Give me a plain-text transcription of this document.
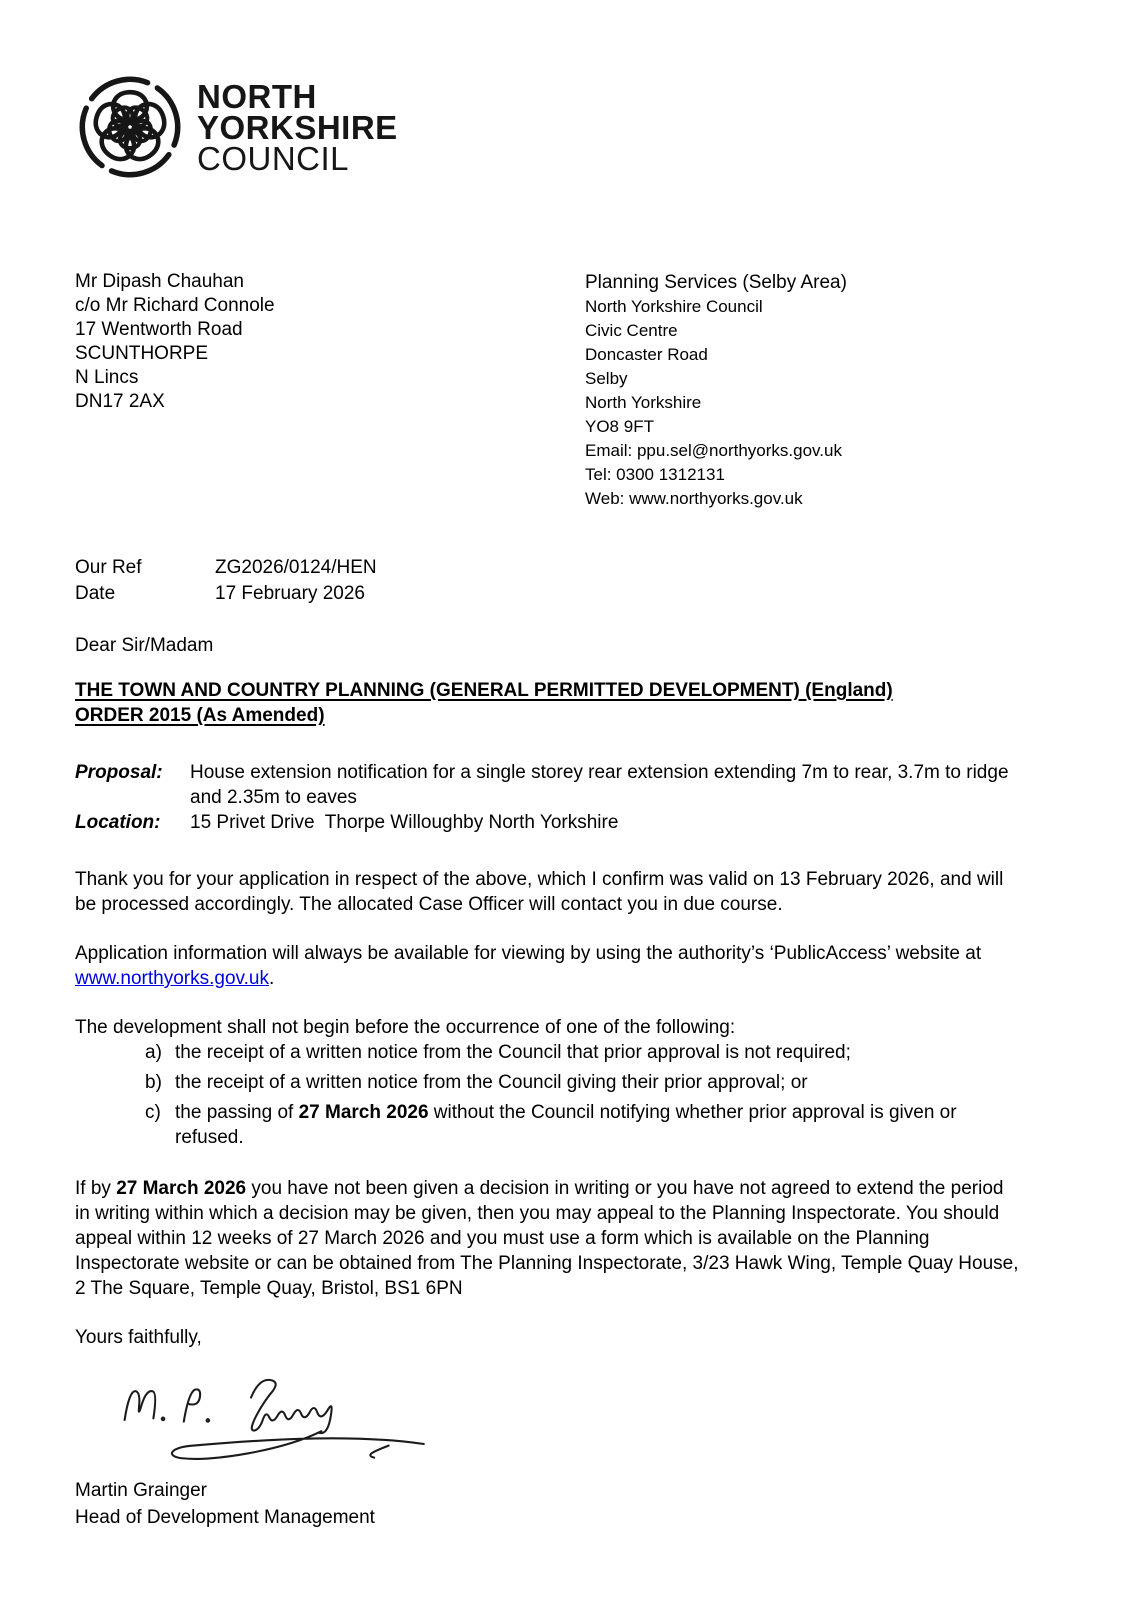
NORTH
YORKSHIRE
COUNCIL
Mr Dipash Chauhan
c/o Mr Richard Connole
17 Wentworth Road
SCUNTHORPE
N Lincs
DN17 2AX
Planning Services (Selby Area)
North Yorkshire Council
Civic Centre
Doncaster Road
Selby
North Yorkshire
YO8 9FT
Email: ppu.sel@northyorks.gov.uk
Tel: 0300 1312131
Web: www.northyorks.gov.uk
Our Ref	ZG2026/0124/HEN
Date	17 February 2026
Dear Sir/Madam
THE TOWN AND COUNTRY PLANNING (GENERAL PERMITTED DEVELOPMENT) (England)
ORDER 2015 (As Amended)
Proposal:	House extension notification for a single storey rear extension extending 7m to rear, 3.7m to ridge and 2.35m to eaves
Location:	15 Privet Drive  Thorpe Willoughby North Yorkshire
Thank you for your application in respect of the above, which I confirm was valid on 13 February 2026, and will be processed accordingly. The allocated Case Officer will contact you in due course.
Application information will always be available for viewing by using the authority’s ‘PublicAccess’ website at www.northyorks.gov.uk.
The development shall not begin before the occurrence of one of the following:
a) the receipt of a written notice from the Council that prior approval is not required;
b) the receipt of a written notice from the Council giving their prior approval; or
c) the passing of 27 March 2026 without the Council notifying whether prior approval is given or refused.
If by 27 March 2026 you have not been given a decision in writing or you have not agreed to extend the period in writing within which a decision may be given, then you may appeal to the Planning Inspectorate. You should appeal within 12 weeks of 27 March 2026 and you must use a form which is available on the Planning Inspectorate website or can be obtained from The Planning Inspectorate, 3/23 Hawk Wing, Temple Quay House, 2 The Square, Temple Quay, Bristol, BS1 6PN
Yours faithfully,
Martin Grainger
Head of Development Management
